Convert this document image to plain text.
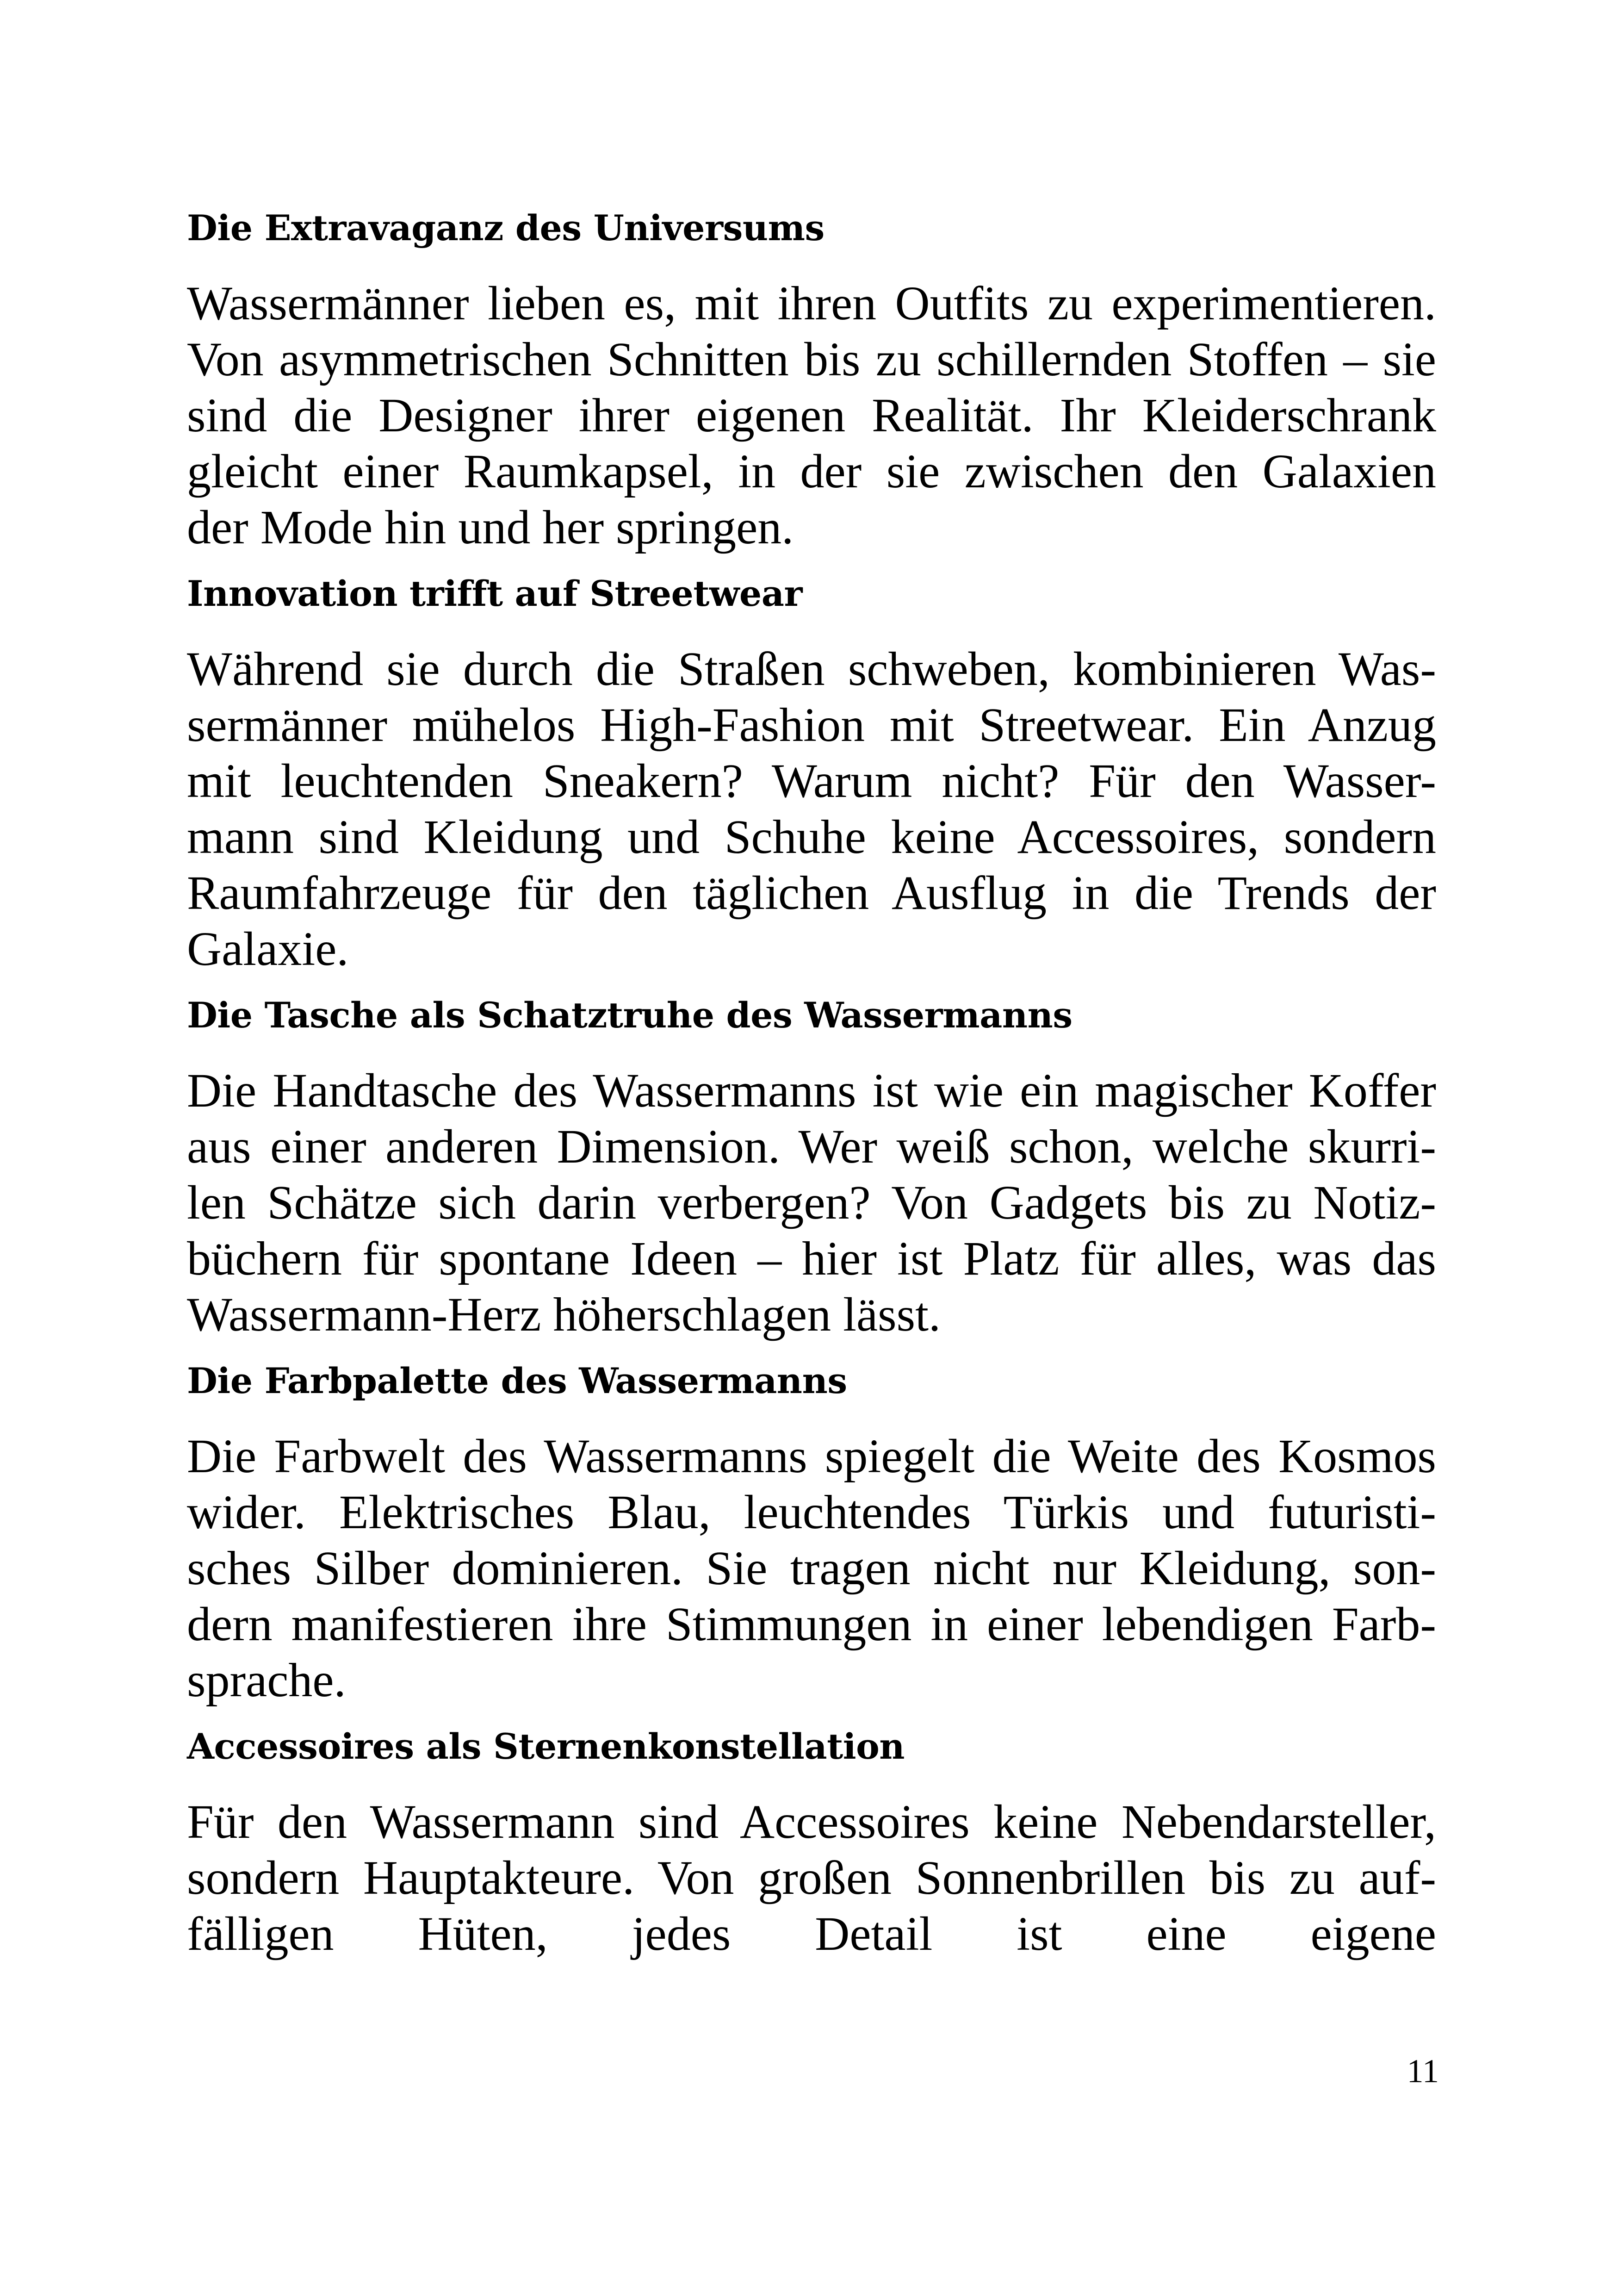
Die Extravaganz des Universums

Wassermänner lieben es, mit ihren Outfits zu experimentieren.
Von asymmetrischen Schnitten bis zu schillernden Stoffen – sie
sind die Designer ihrer eigenen Realität. Ihr Kleiderschrank
gleicht einer Raumkapsel, in der sie zwischen den Galaxien
der Mode hin und her springen.

Innovation trifft auf Streetwear

Während sie durch die Straßen schweben, kombinieren Was-
sermänner mühelos High-Fashion mit Streetwear. Ein Anzug
mit leuchtenden Sneakern? Warum nicht? Für den Wasser-
mann sind Kleidung und Schuhe keine Accessoires, sondern
Raumfahrzeuge für den täglichen Ausflug in die Trends der
Galaxie.

Die Tasche als Schatztruhe des Wassermanns

Die Handtasche des Wassermanns ist wie ein magischer Koffer
aus einer anderen Dimension. Wer weiß schon, welche skurri-
len Schätze sich darin verbergen? Von Gadgets bis zu Notiz-
büchern für spontane Ideen – hier ist Platz für alles, was das
Wassermann-Herz höherschlagen lässt.

Die Farbpalette des Wassermanns

Die Farbwelt des Wassermanns spiegelt die Weite des Kosmos
wider. Elektrisches Blau, leuchtendes Türkis und futuristi-
sches Silber dominieren. Sie tragen nicht nur Kleidung, son-
dern manifestieren ihre Stimmungen in einer lebendigen Farb-
sprache.

Accessoires als Sternenkonstellation

Für den Wassermann sind Accessoires keine Nebendarsteller,
sondern Hauptakteure. Von großen Sonnenbrillen bis zu auf-
fälligen Hüten, jedes Detail ist eine eigene

11
